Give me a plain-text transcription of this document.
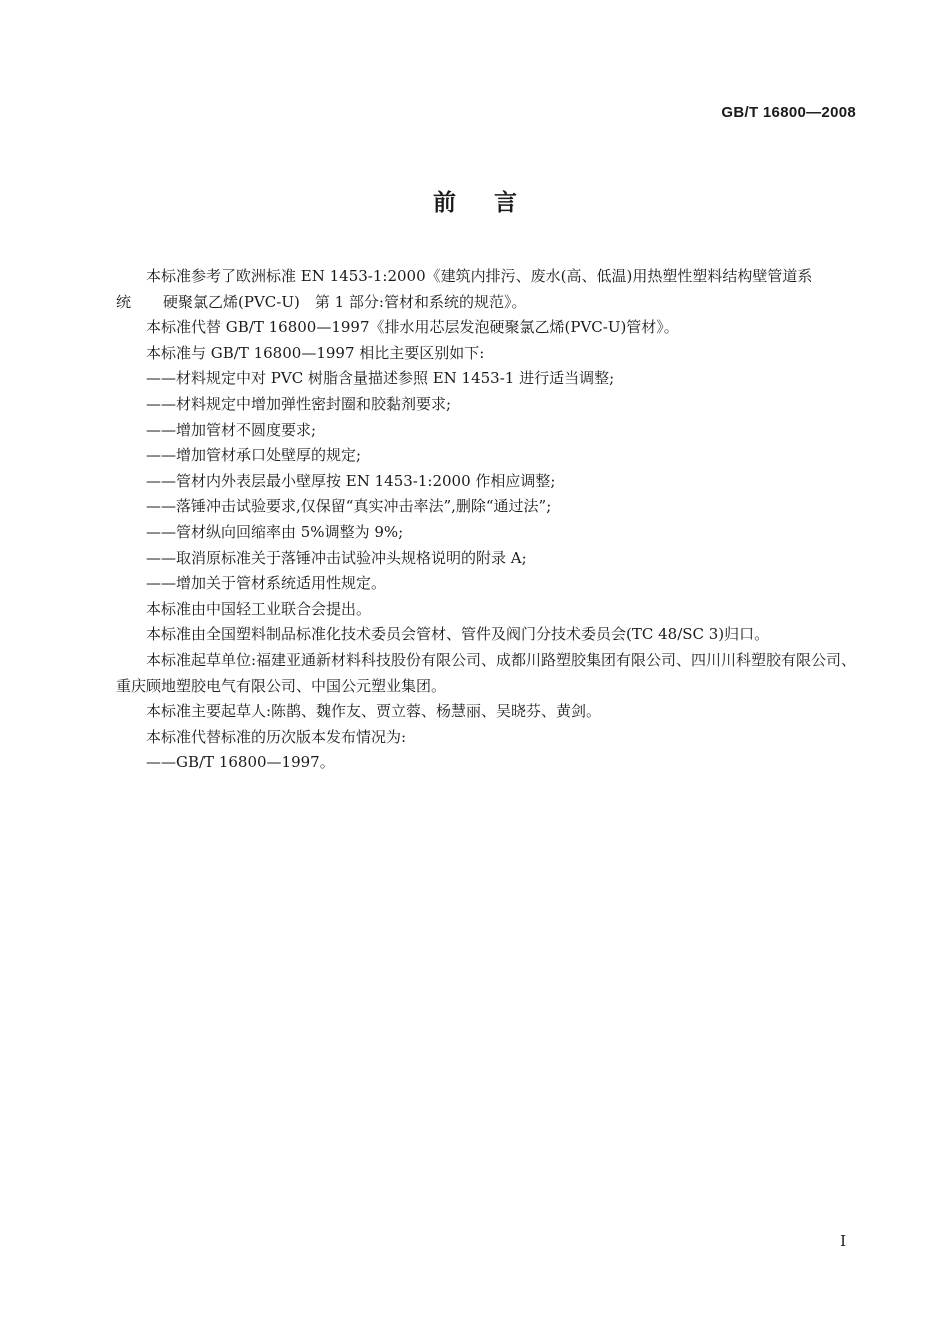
GB/T 16800—2008
前言

本标准参考了欧洲标准 EN 1453-1:2000《建筑内排污、废水(高、低温)用热塑性塑料结构壁管道系

统 硬聚氯乙烯(PVC-U)　第 1 部分:管材和系统的规范》。

本标准代替 GB/T 16800—1997《排水用芯层发泡硬聚氯乙烯(PVC-U)管材》。

本标准与 GB/T 16800—1997 相比主要区别如下:

——材料规定中对 PVC 树脂含量描述参照 EN 1453-1 进行适当调整;

——材料规定中增加弹性密封圈和胶黏剂要求;

——增加管材不圆度要求;

——增加管材承口处壁厚的规定;

——管材内外表层最小壁厚按 EN 1453-1:2000 作相应调整;

——落锤冲击试验要求,仅保留“真实冲击率法”,删除“通过法”;

——管材纵向回缩率由 5%调整为 9%;

——取消原标准关于落锤冲击试验冲头规格说明的附录 A;

——增加关于管材系统适用性规定。

本标准由中国轻工业联合会提出。

本标准由全国塑料制品标准化技术委员会管材、管件及阀门分技术委员会(TC 48/SC 3)归口。

本标准起草单位:福建亚通新材料科技股份有限公司、成都川路塑胶集团有限公司、四川川科塑胶有限公司、重庆顾地塑胶电气有限公司、中国公元塑业集团。

本标准主要起草人:陈鹊、魏作友、贾立蓉、杨慧丽、吴晓芬、黄剑。

本标准代替标准的历次版本发布情况为:

——GB/T 16800—1997。

I
